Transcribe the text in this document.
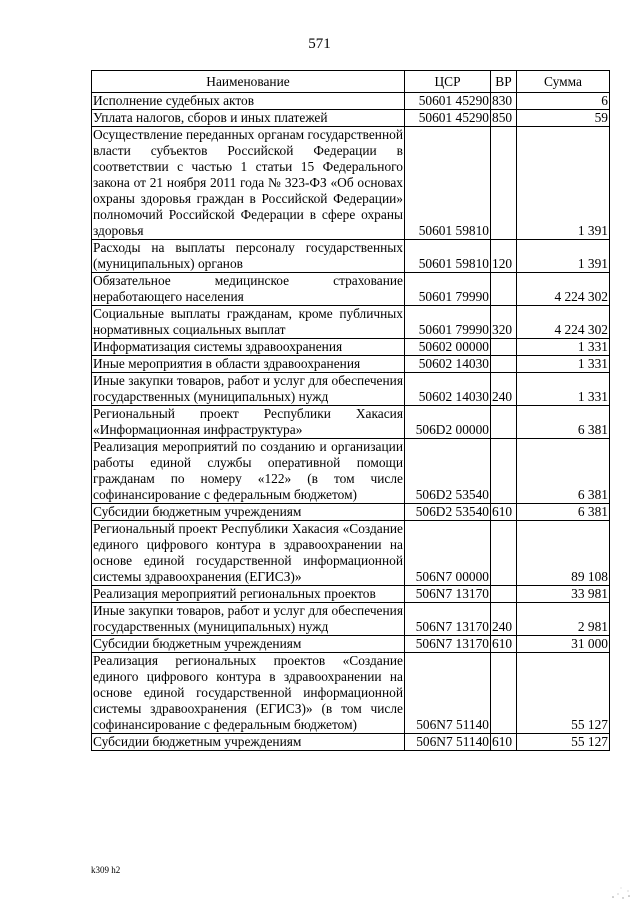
571
Наименование	ЦСР	ВР	Сумма
Исполнение судебных актов	50601 45290	830	6
Уплата налогов, сборов и иных платежей	50601 45290	850	59
Осуществление переданных органам государственной власти субъектов Российской Федерации в соответствии с частью 1 статьи 15 Федерального закона от 21 ноября 2011 года № 323-ФЗ «Об основах охраны здоровья граждан в Российской Федерации» полномочий Российской Федерации в сфере охраны здоровья	50601 59810		1 391
Расходы на выплаты персоналу государственных (муниципальных) органов	50601 59810	120	1 391
Обязательное медицинское страхование неработающего населения	50601 79990		4 224 302
Социальные выплаты гражданам, кроме публичных нормативных социальных выплат	50601 79990	320	4 224 302
Информатизация системы здравоохранения	50602 00000		1 331
Иные мероприятия в области здравоохранения	50602 14030		1 331
Иные закупки товаров, работ и услуг для обеспечения государственных (муниципальных) нужд	50602 14030	240	1 331
Региональный проект Республики Хакасия «Информационная инфраструктура»	506D2 00000		6 381
Реализация мероприятий по созданию и организации работы единой службы оперативной помощи гражданам по номеру «122» (в том числе софинансирование с федеральным бюджетом)	506D2 53540		6 381
Субсидии бюджетным учреждениям	506D2 53540	610	6 381
Региональный проект Республики Хакасия «Создание единого цифрового контура в здравоохранении на основе единой государственной информационной системы здравоохранения (ЕГИСЗ)»	506N7 00000		89 108
Реализация мероприятий региональных проектов	506N7 13170		33 981
Иные закупки товаров, работ и услуг для обеспечения государственных (муниципальных) нужд	506N7 13170	240	2 981
Субсидии бюджетным учреждениям	506N7 13170	610	31 000
Реализация региональных проектов «Создание единого цифрового контура в здравоохранении на основе единой государственной информационной системы здравоохранения (ЕГИСЗ)» (в том числе софинансирование с федеральным бюджетом)	506N7 51140		55 127
Субсидии бюджетным учреждениям	506N7 51140	610	55 127
k309 h2
